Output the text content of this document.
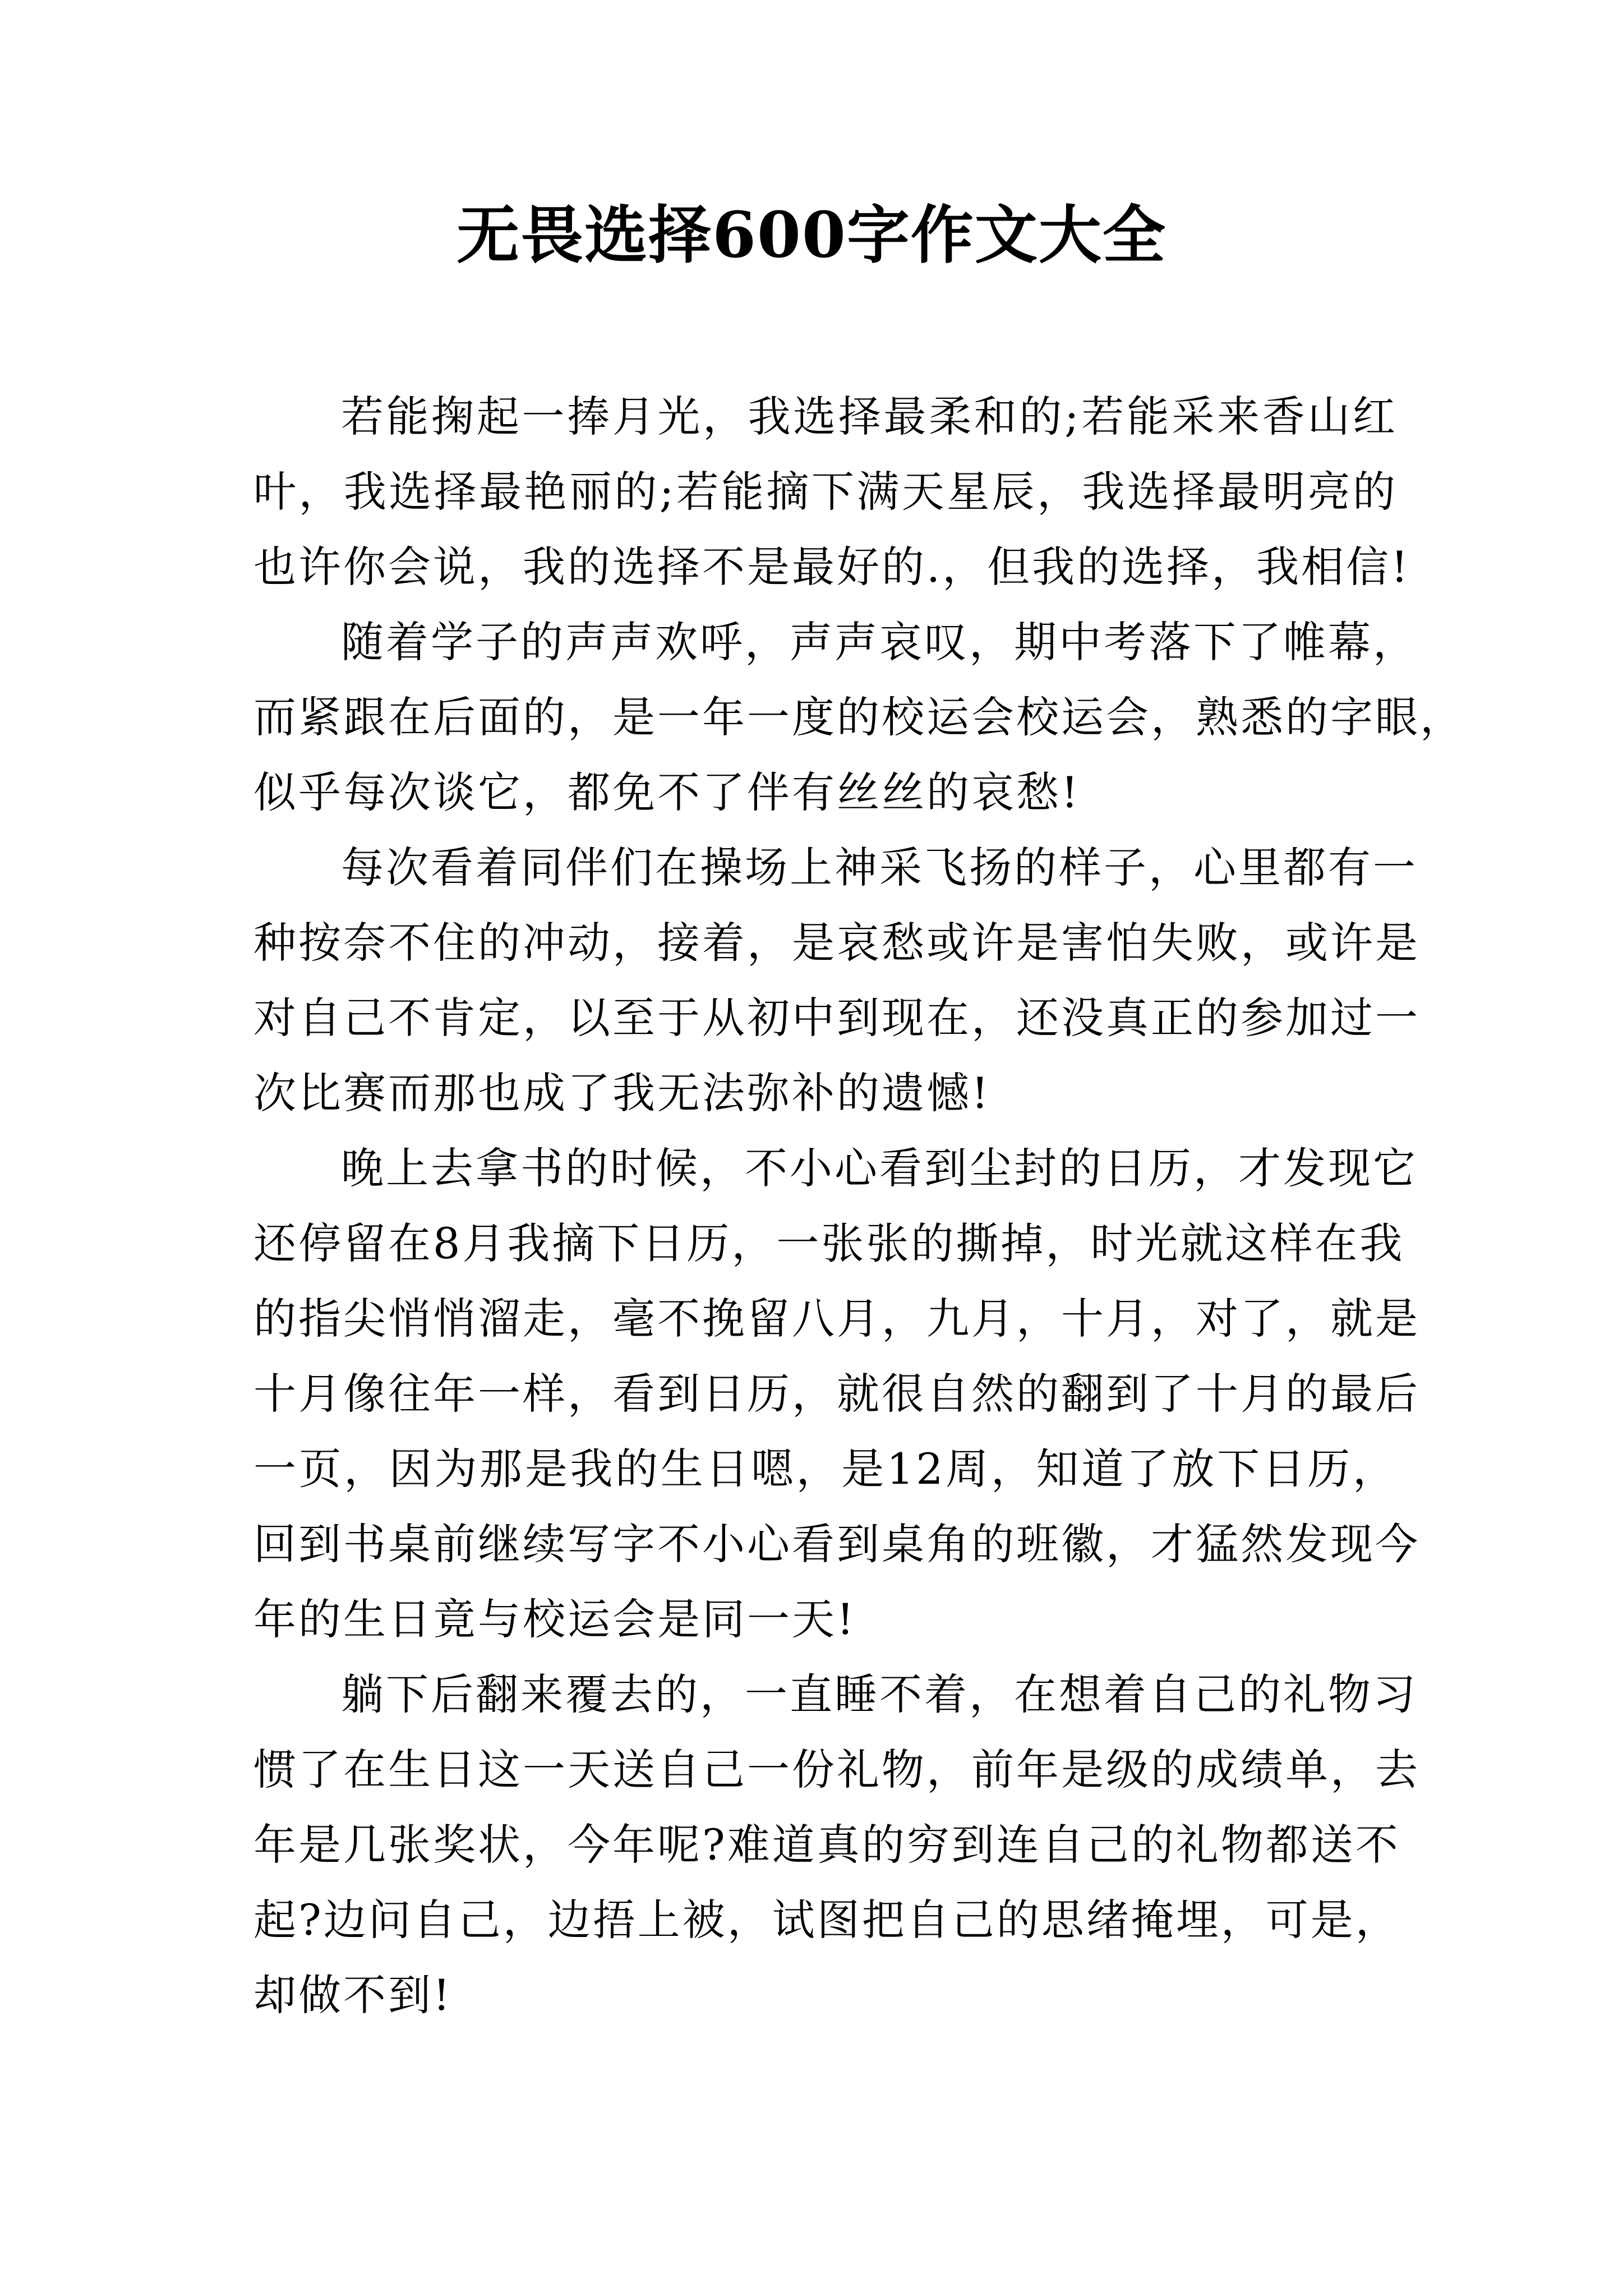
无畏选择600字作文大全
若能掬起一捧月光，我选择最柔和的;若能采来香山红
叶，我选择最艳丽的;若能摘下满天星辰，我选择最明亮的
也许你会说，我的选择不是最好的.，但我的选择，我相信!
随着学子的声声欢呼，声声哀叹，期中考落下了帷幕，
而紧跟在后面的，是一年一度的校运会校运会，熟悉的字眼，
似乎每次谈它，都免不了伴有丝丝的哀愁!
每次看着同伴们在操场上神采飞扬的样子，心里都有一
种按奈不住的冲动，接着，是哀愁或许是害怕失败，或许是
对自己不肯定，以至于从初中到现在，还没真正的参加过一
次比赛而那也成了我无法弥补的遗憾!
晚上去拿书的时候，不小心看到尘封的日历，才发现它
还停留在8月我摘下日历，一张张的撕掉，时光就这样在我
的指尖悄悄溜走，毫不挽留八月，九月，十月，对了，就是
十月像往年一样，看到日历，就很自然的翻到了十月的最后
一页，因为那是我的生日嗯，是12周，知道了放下日历，
回到书桌前继续写字不小心看到桌角的班徽，才猛然发现今
年的生日竟与校运会是同一天!
躺下后翻来覆去的，一直睡不着，在想着自己的礼物习
惯了在生日这一天送自己一份礼物，前年是级的成绩单，去
年是几张奖状，今年呢?难道真的穷到连自己的礼物都送不
起?边问自己，边捂上被，试图把自己的思绪掩埋，可是，
却做不到!
